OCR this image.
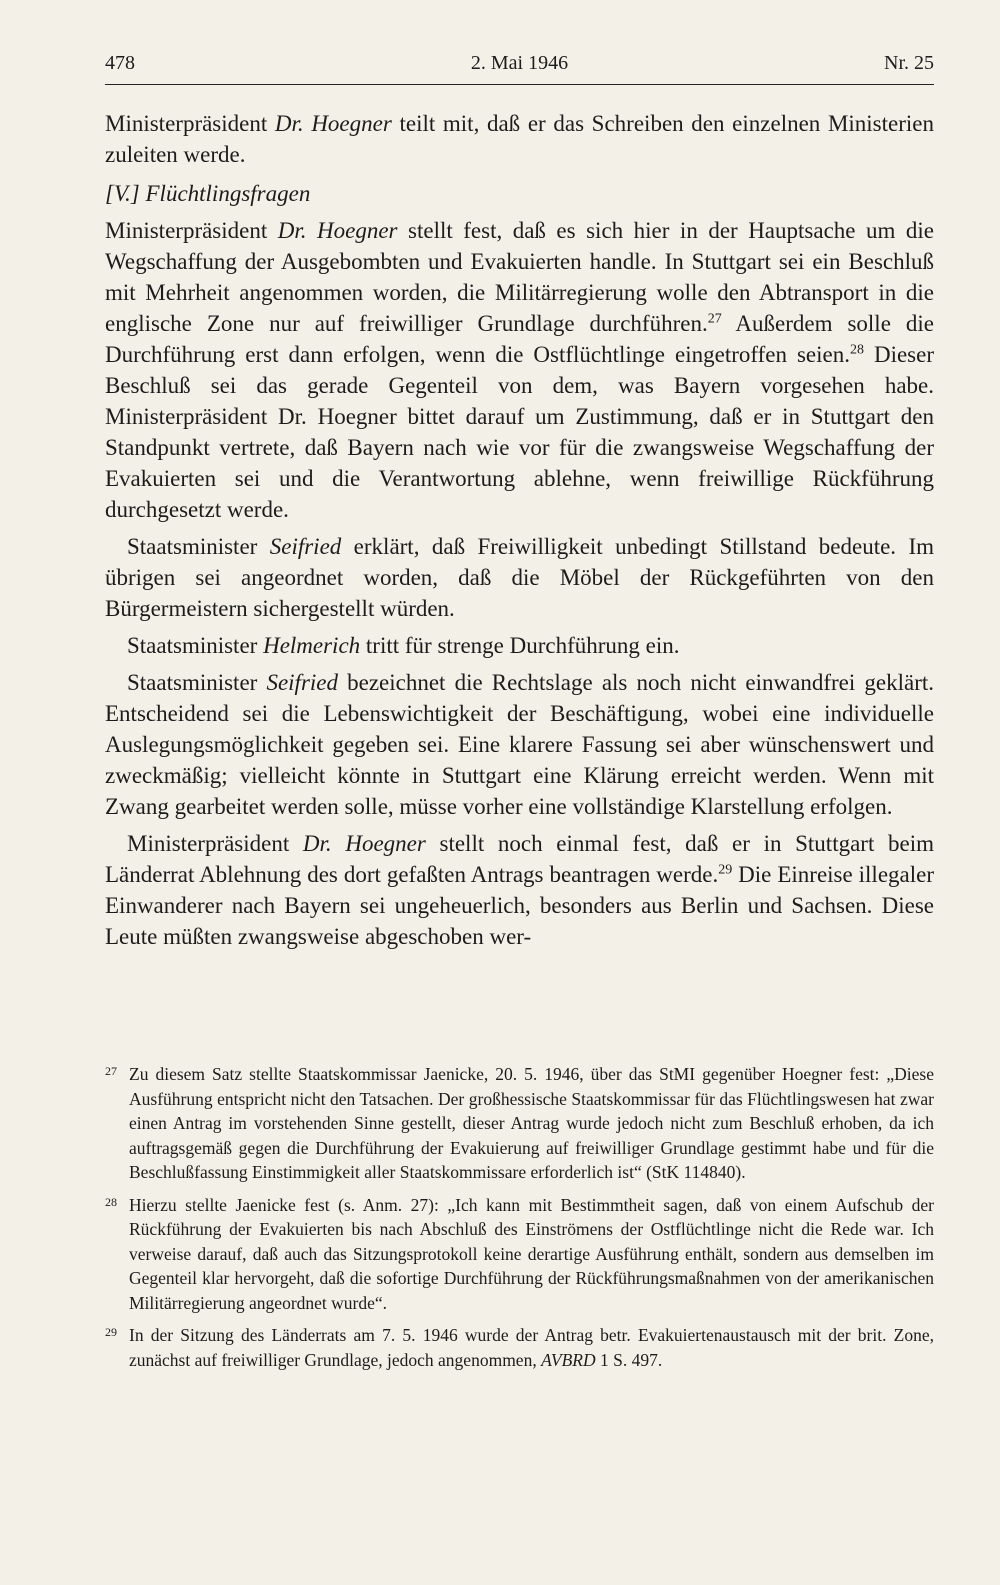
478	2. Mai 1946	Nr. 25

Ministerpräsident Dr. Hoegner teilt mit, daß er das Schreiben den einzelnen Ministerien zuleiten werde.

[V.] Flüchtlingsfragen

Ministerpräsident Dr. Hoegner stellt fest, daß es sich hier in der Hauptsache um die Wegschaffung der Ausgebombten und Evakuierten handle. In Stuttgart sei ein Beschluß mit Mehrheit angenommen worden, die Militärregierung wolle den Abtransport in die englische Zone nur auf freiwilliger Grundlage durchführen.$^{27}$ Außerdem solle die Durchführung erst dann erfolgen, wenn die Ostflüchtlinge eingetroffen seien.$^{28}$ Dieser Beschluß sei das gerade Gegenteil von dem, was Bayern vorgesehen habe. Ministerpräsident Dr. Hoegner bittet darauf um Zustimmung, daß er in Stuttgart den Standpunkt vertrete, daß Bayern nach wie vor für die zwangsweise Wegschaffung der Evakuierten sei und die Verantwortung ablehne, wenn freiwillige Rückführung durchgesetzt werde.

Staatsminister Seifried erklärt, daß Freiwilligkeit unbedingt Stillstand bedeute. Im übrigen sei angeordnet worden, daß die Möbel der Rückgeführten von den Bürgermeistern sichergestellt würden.

Staatsminister Helmerich tritt für strenge Durchführung ein.

Staatsminister Seifried bezeichnet die Rechtslage als noch nicht einwandfrei geklärt. Entscheidend sei die Lebenswichtigkeit der Beschäftigung, wobei eine individuelle Auslegungsmöglichkeit gegeben sei. Eine klarere Fassung sei aber wünschenswert und zweckmäßig; vielleicht könnte in Stuttgart eine Klärung erreicht werden. Wenn mit Zwang gearbeitet werden solle, müsse vorher eine vollständige Klarstellung erfolgen.

Ministerpräsident Dr. Hoegner stellt noch einmal fest, daß er in Stuttgart beim Länderrat Ablehnung des dort gefaßten Antrags beantragen werde.$^{29}$ Die Einreise illegaler Einwanderer nach Bayern sei ungeheuerlich, besonders aus Berlin und Sachsen. Diese Leute müßten zwangsweise abgeschoben wer-

27 Zu diesem Satz stellte Staatskommissar Jaenicke, 20. 5. 1946, über das StMI gegenüber Hoegner fest: „Diese Ausführung entspricht nicht den Tatsachen. Der großhessische Staatskommissar für das Flüchtlingswesen hat zwar einen Antrag im vorstehenden Sinne gestellt, dieser Antrag wurde jedoch nicht zum Beschluß erhoben, da ich auftragsgemäß gegen die Durchführung der Evakuierung auf freiwilliger Grundlage gestimmt habe und für die Beschlußfassung Einstimmigkeit aller Staatskommissare erforderlich ist“ (StK 114840).
28 Hierzu stellte Jaenicke fest (s. Anm. 27): „Ich kann mit Bestimmtheit sagen, daß von einem Aufschub der Rückführung der Evakuierten bis nach Abschluß des Einströmens der Ostflüchtlinge nicht die Rede war. Ich verweise darauf, daß auch das Sitzungsprotokoll keine derartige Ausführung enthält, sondern aus demselben im Gegenteil klar hervorgeht, daß die sofortige Durchführung der Rückführungsmaßnahmen von der amerikanischen Militärregierung angeordnet wurde“.
29 In der Sitzung des Länderrats am 7. 5. 1946 wurde der Antrag betr. Evakuiertenaustausch mit der brit. Zone, zunächst auf freiwilliger Grundlage, jedoch angenommen, AVBRD 1 S. 497.
